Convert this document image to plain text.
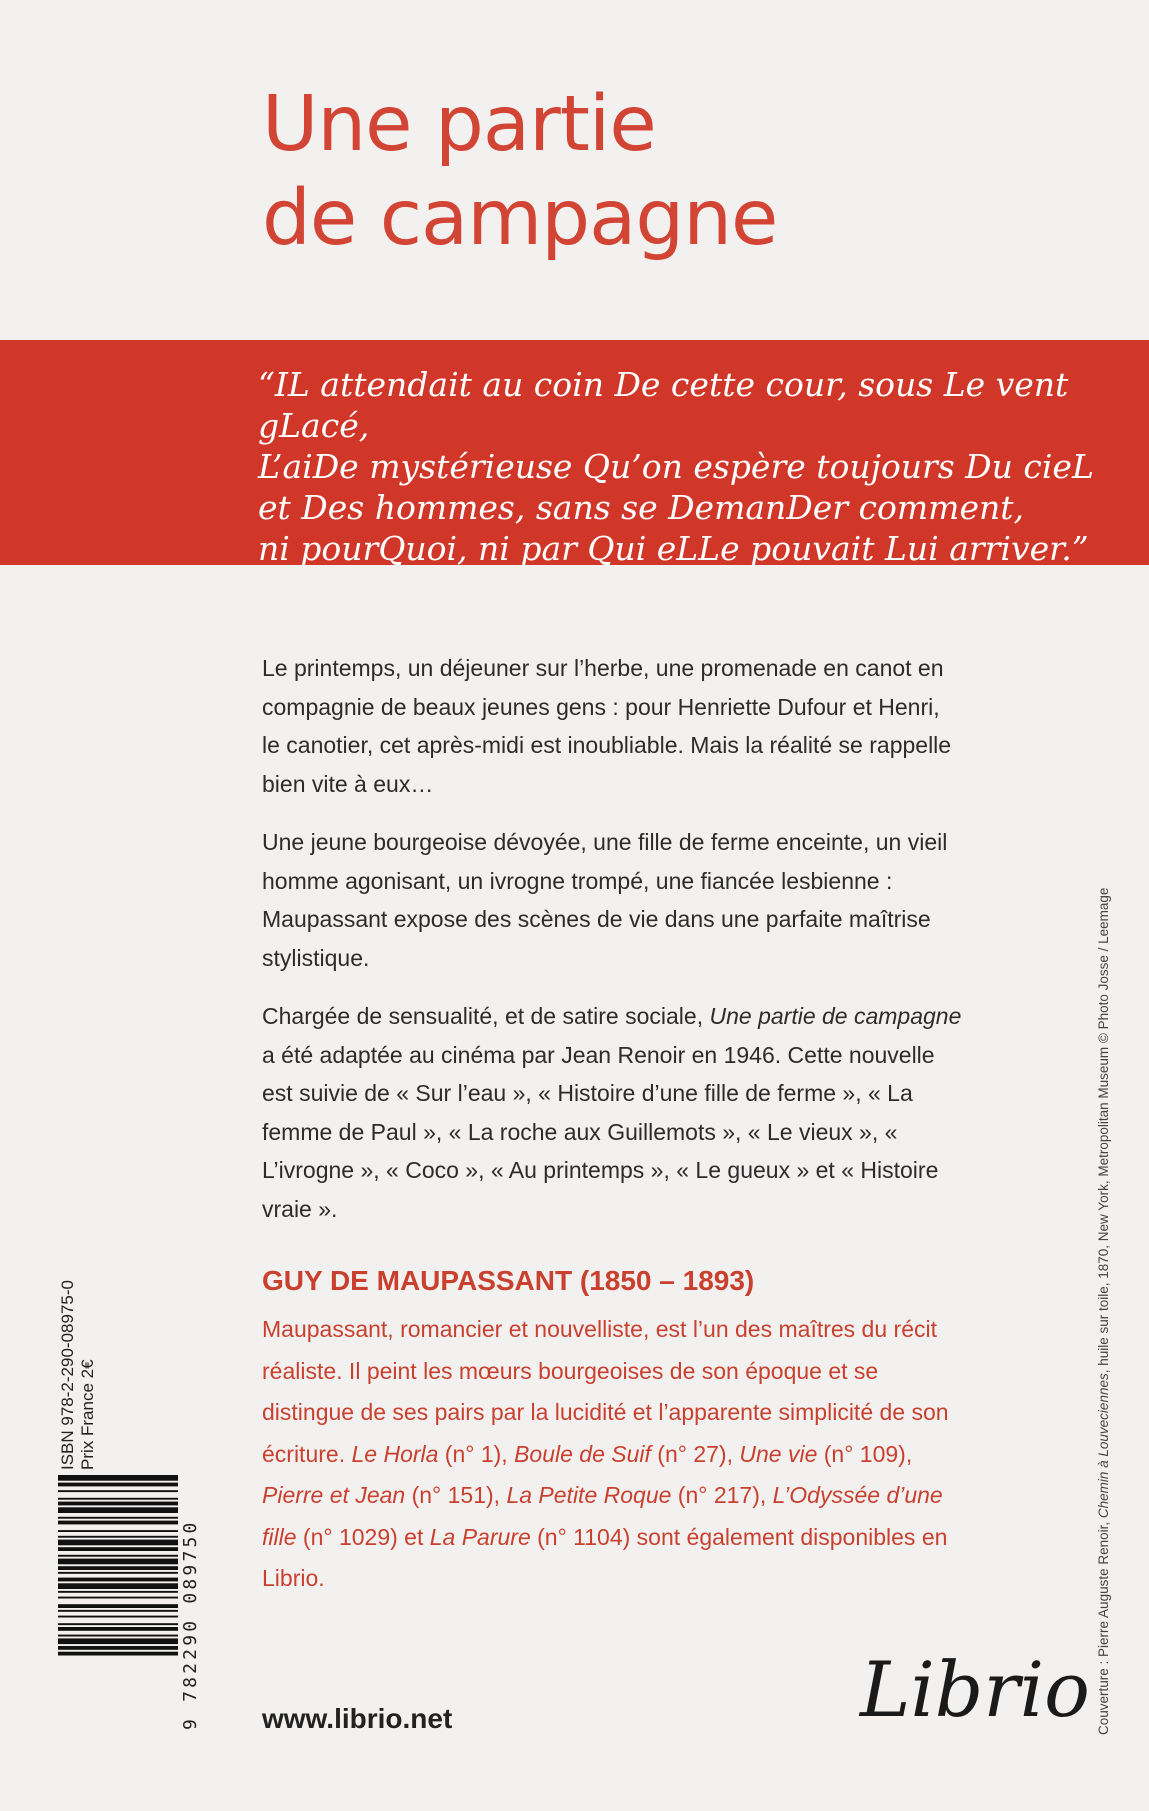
Une partie
de campagne
“IL attendait au coin De cette cour, sous Le vent gLacé,
L’aiDe mystérieuse Qu’on espère toujours Du cieL
et Des hommes, sans se DemanDer comment,
ni pourQuoi, ni par Qui eLLe pouvait Lui arriver.”

Le printemps, un déjeuner sur l’herbe, une promenade en canot en compagnie de beaux jeunes gens : pour Henriette Dufour et Henri, le canotier, cet après-midi est inoubliable. Mais la réalité se rappelle bien vite à eux…

Une jeune bourgeoise dévoyée, une fille de ferme enceinte, un vieil homme agonisant, un ivrogne trompé, une fiancée lesbienne : Maupassant expose des scènes de vie dans une parfaite maîtrise stylistique.

Chargée de sensualité, et de satire sociale, Une partie de campagne a été adaptée au cinéma par Jean Renoir en 1946. Cette nouvelle est suivie de « Sur l’eau », « Histoire d’une fille de ferme », « La femme de Paul », « La roche aux Guillemots », « Le vieux », « L’ivrogne », « Coco », « Au printemps », « Le gueux » et « Histoire vraie ».

GUY DE MAUPASSANT (1850 – 1893)

Maupassant, romancier et nouvelliste, est l’un des maîtres du récit réaliste. Il peint les mœurs bourgeoises de son époque et se distingue de ses pairs par la lucidité et l’apparente simplicité de son écriture. Le Horla (n° 1), Boule de Suif (n° 27), Une vie (n° 109), Pierre et Jean (n° 151), La Petite Roque (n° 217), L’Odyssée d’une fille (n° 1029) et La Parure (n° 1104) sont également disponibles en Librio.

ISBN 978-2-290-08975-0 Prix France 2€
9 782290 089750 www.librio.net	Librio Couverture : Pierre Auguste Renoir, Chemin à Louveciennes, huile sur toile, 1870, New York, Metropolitan Museum © Photo Josse / Leemage
